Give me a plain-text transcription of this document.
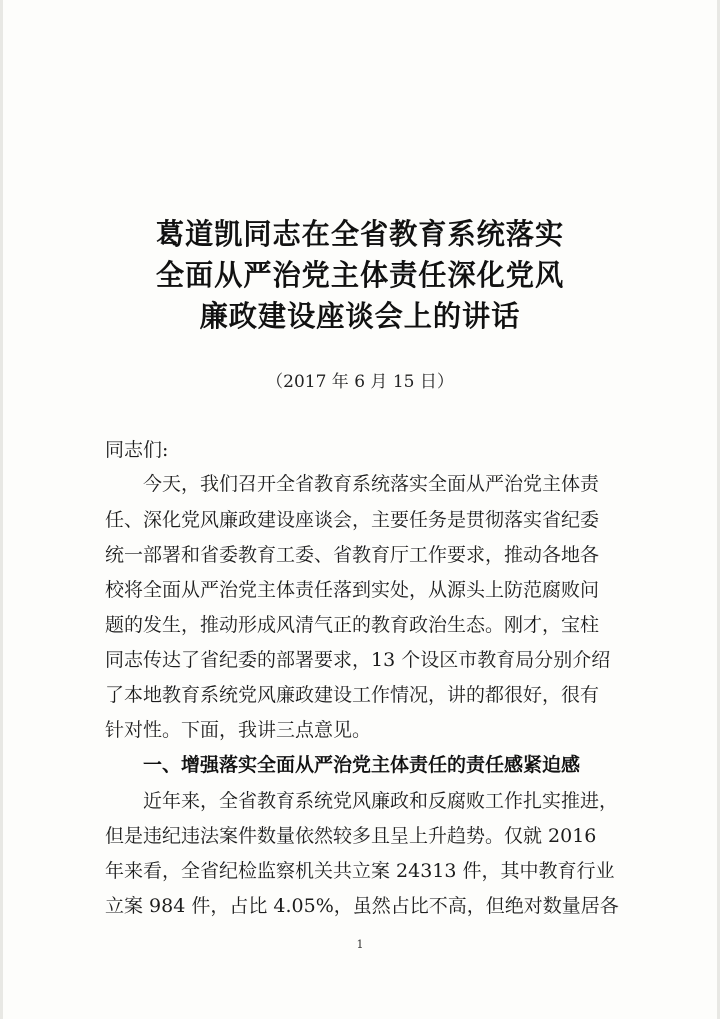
葛道凯同志在全省教育系统落实
全面从严治党主体责任深化党风
廉政建设座谈会上的讲话
（2017 年 6 月 15 日）
同志们:
今天，我们召开全省教育系统落实全面从严治党主体责
任、深化党风廉政建设座谈会，主要任务是贯彻落实省纪委
统一部署和省委教育工委、省教育厅工作要求，推动各地各
校将全面从严治党主体责任落到实处，从源头上防范腐败问
题的发生，推动形成风清气正的教育政治生态。刚才，宝柱
同志传达了省纪委的部署要求，13 个设区市教育局分别介绍
了本地教育系统党风廉政建设工作情况，讲的都很好，很有
针对性。下面，我讲三点意见。
一、增强落实全面从严治党主体责任的责任感紧迫感
近年来，全省教育系统党风廉政和反腐败工作扎实推进，
但是违纪违法案件数量依然较多且呈上升趋势。仅就 2016
年来看，全省纪检监察机关共立案 24313 件，其中教育行业
立案 984 件，占比 4.05%，虽然占比不高，但绝对数量居各
1
